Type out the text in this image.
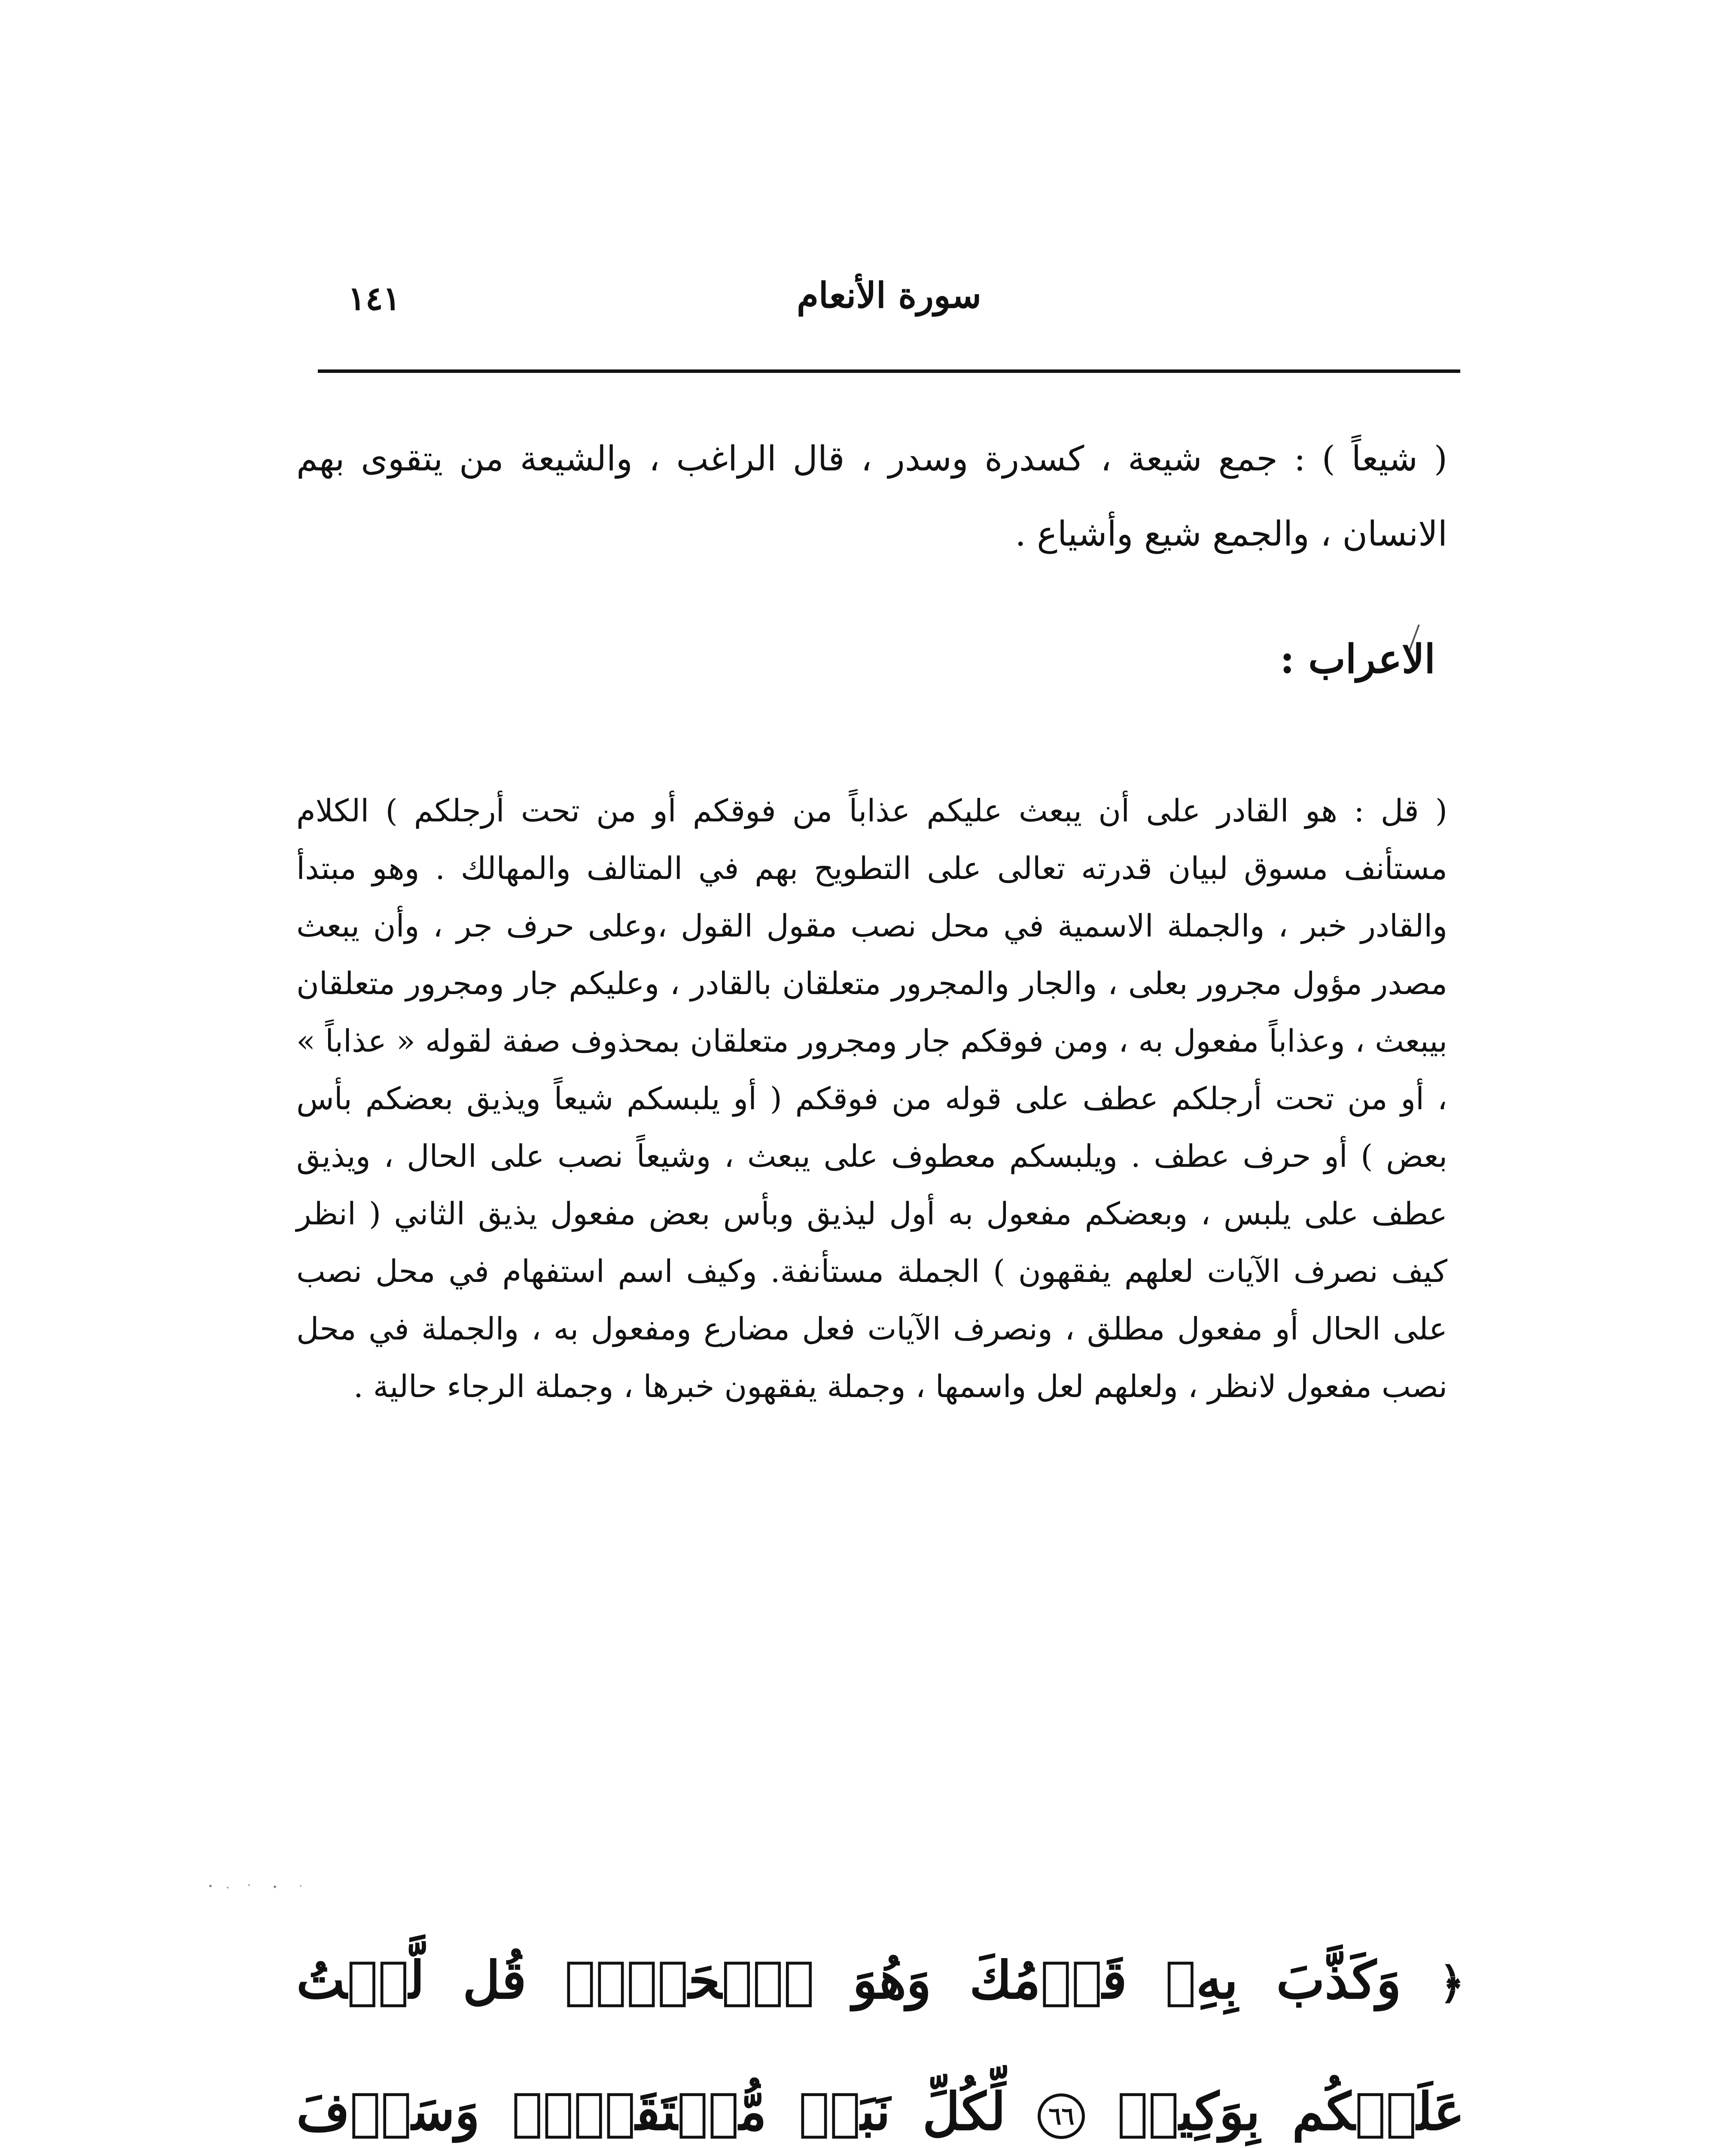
سورة الأنعام
١٤١
( شيعاً ) : جمع شيعة ، كسدرة وسدر ، قال الراغب ، والشيعة من يتقوى بهم الانسان ، والجمع شيع وأشياع .
الاعراب :
( قل : هو القادر على أن يبعث عليكم عذاباً من فوقكم أو من تحت أرجلكم ) الكلام مستأنف مسوق لبيان قدرته تعالى على التطويح بهم في المتالف والمهالك . وهو مبتدأ والقادر خبر ، والجملة الاسمية في محل نصب مقول القول ،وعلى حرف جر ، وأن يبعث مصدر مؤول مجرور بعلى ، والجار والمجرور متعلقان بالقادر ، وعليكم جار ومجرور متعلقان بيبعث ، وعذاباً مفعول به ، ومن فوقكم جار ومجرور متعلقان بمحذوف صفة لقوله « عذاباً » ، أو من تحت أرجلكم عطف على قوله من فوقكم ( أو يلبسكم شيعاً ويذيق بعضكم بأس بعض ) أو حرف عطف . ويلبسكم معطوف على يبعث ، وشيعاً نصب على الحال ، ويذيق عطف على يلبس ، وبعضكم مفعول به أول ليذيق وبأس بعض مفعول يذيق الثاني ( انظر كيف نصرف الآيات لعلهم يفقهون ) الجملة مستأنفة. وكيف اسم استفهام في محل نصب على الحال أو مفعول مطلق ، ونصرف الآيات فعل مضارع ومفعول به ، والجملة في محل نصب مفعول لانظر ، ولعلهم لعل واسمها ، وجملة يفقهون خبرها ، وجملة الرجاء حالية .
﴿ وَكَذَّبَ بِهِۦ قَوۡمُكَ وَهُوَ ٱلۡحَقُّۚ قُل لَّسۡتُ عَلَيۡكُم بِوَكِيلٖ ٦٦ لِّكُلِّ نَبَإٖ مُّسۡتَقَرّٞۚ وَسَوۡفَ
